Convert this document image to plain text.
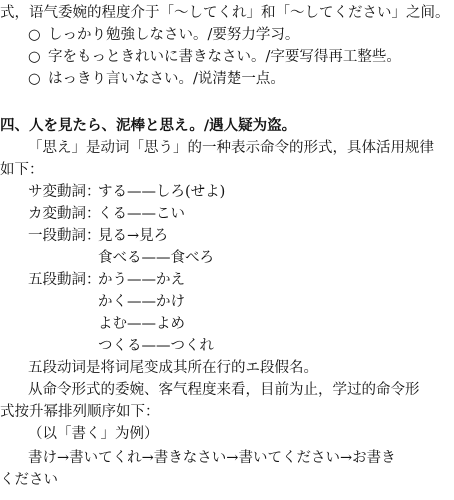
式，语气委婉的程度介于「～してくれ」和「～してください」之间。
○ しっかり勉強しなさい。/要努力学习。
○ 字をもっときれいに書きなさい。/字要写得再工整些。
○ はっきり言いなさい。/说清楚一点。
四、人を見たら、泥棒と思え。/遇人疑为盗。
「思え」是动词「思う」的一种表示命令的形式，具体活用规律
如下：
サ変動詞：する——しろ(せよ)
カ変動詞：くる——こい
一段動詞：見る→見ろ
食べる——食べろ
五段動詞：かう——かえ
かく——かけ
よむ——よめ
つくる——つくれ
五段动词是将词尾变成其所在行的エ段假名。
从命令形式的委婉、客气程度来看，目前为止，学过的命令形
式按升幂排列顺序如下：
（以「書く」为例）
書け→書いてくれ→書きなさい→書いてください→お書き
ください
